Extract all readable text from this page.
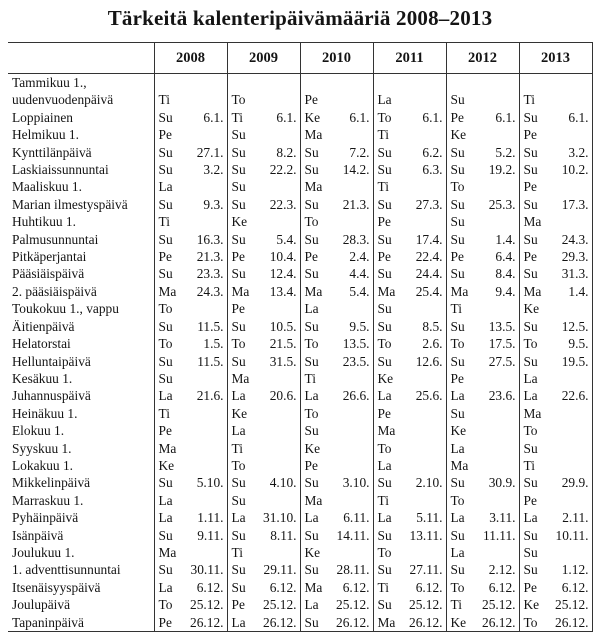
Tärkeitä kalenteripäivämääriä 2008–2013
	2008	2009	2010	2011	2012	2013
Tammikuu 1.,	

uudenvuodenpäivä	Ti	To	Pe	La	Su	Ti

Loppiainen	Su 6.1.	Ti 6.1.	Ke 6.1.	To 6.1.	Pe 6.1.	Su 6.1.

Helmikuu 1.	Pe	Su	Ma	Ti	Ke	Pe

Kynttilänpäivä	Su 27.1.	Su 8.2.	Su 7.2.	Su 6.2.	Su 5.2.	Su 3.2.

Laskiaissunnuntai	Su 3.2.	Su 22.2.	Su 14.2.	Su 6.3.	Su 19.2.	Su 10.2.

Maaliskuu 1.	La	Su	Ma	Ti	To	Pe

Marian ilmestyspäivä	Su 9.3.	Su 22.3.	Su 21.3.	Su 27.3.	Su 25.3.	Su 17.3.

Huhtikuu 1.	Ti	Ke	To	Pe	Su	Ma

Palmusunnuntai	Su 16.3.	Su 5.4.	Su 28.3.	Su 17.4.	Su 1.4.	Su 24.3.

Pitkäperjantai	Pe 21.3.	Pe 10.4.	Pe 2.4.	Pe 22.4.	Pe 6.4.	Pe 29.3.

Pääsiäispäivä	Su 23.3.	Su 12.4.	Su 4.4.	Su 24.4.	Su 8.4.	Su 31.3.

2. pääsiäispäivä	Ma 24.3.	Ma 13.4.	Ma 5.4.	Ma 25.4.	Ma 9.4.	Ma 1.4.

Toukokuu 1., vappu	To	Pe	La	Su	Ti	Ke

Äitienpäivä	Su 11.5.	Su 10.5.	Su 9.5.	Su 8.5.	Su 13.5.	Su 12.5.

Helatorstai	To 1.5.	To 21.5.	To 13.5.	To 2.6.	To 17.5.	To 9.5.

Helluntaipäivä	Su 11.5.	Su 31.5.	Su 23.5.	Su 12.6.	Su 27.5.	Su 19.5.

Kesäkuu 1.	Su	Ma	Ti	Ke	Pe	La

Juhannuspäivä	La 21.6.	La 20.6.	La 26.6.	La 25.6.	La 23.6.	La 22.6.

Heinäkuu 1.	Ti	Ke	To	Pe	Su	Ma

Elokuu 1.	Pe	La	Su	Ma	Ke	To

Syyskuu 1.	Ma	Ti	Ke	To	La	Su

Lokakuu 1.	Ke	To	Pe	La	Ma	Ti

Mikkelinpäivä	Su 5.10.	Su 4.10.	Su 3.10.	Su 2.10.	Su 30.9.	Su 29.9.

Marraskuu 1.	La	Su	Ma	Ti	To	Pe

Pyhäinpäivä	La 1.11.	La 31.10.	La 6.11.	La 5.11.	La 3.11.	La 2.11.

Isänpäivä	Su 9.11.	Su 8.11.	Su 14.11.	Su 13.11.	Su 11.11.	Su 10.11.

Joulukuu 1.	Ma	Ti	Ke	To	La	Su

1. adventtisunnuntai	Su 30.11.	Su 29.11.	Su 28.11.	Su 27.11.	Su 2.12.	Su 1.12.

Itsenäisyyspäivä	La 6.12.	Su 6.12.	Ma 6.12.	Ti 6.12.	To 6.12.	Pe 6.12.

Joulupäivä	To 25.12.	Pe 25.12.	La 25.12.	Su 25.12.	Ti 25.12.	Ke 25.12.

Tapaninpäivä	Pe 26.12.	La 26.12.	Su 26.12.	Ma 26.12.	Ke 26.12.	To 26.12.
